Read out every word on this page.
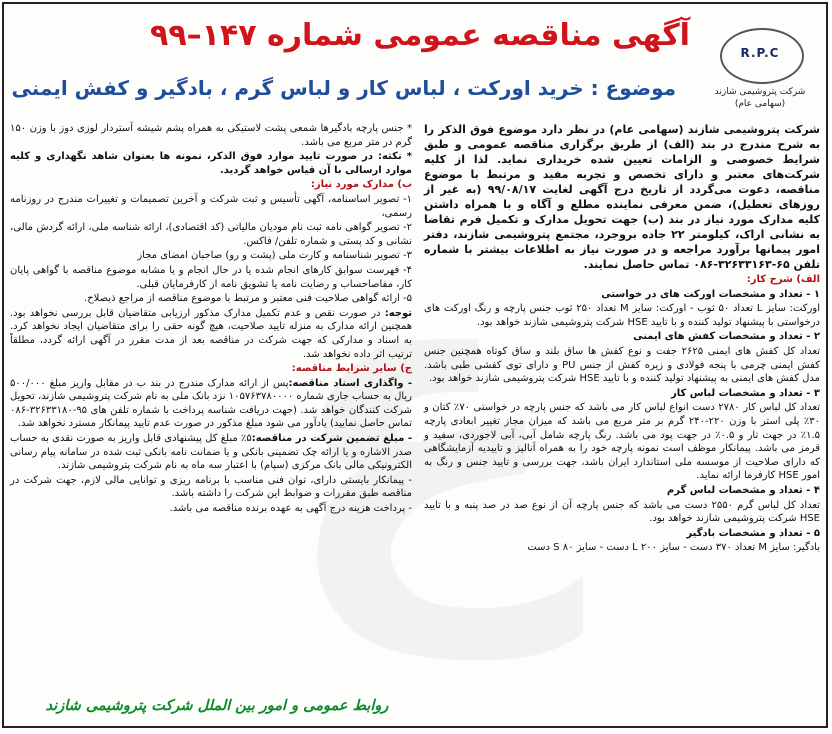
R.P.C
شرکت پتروشیمی شازند (سهامی عام)
آگهی مناقصه عمومی شماره ۱۴۷–۹۹
موضوع : خرید اورکت ، لباس کار و لباس گرم ، بادگیر و کفش ایمنی

شرکت پتروشیمی شازند (سهامی عام) در نظر دارد موضوع فوق الذکر را به شرح مندرج در بند (الف) از طریق برگزاری مناقصه عمومی و طبق شرایط خصوصی و الزامات تعیین شده خریداری نماید. لذا از کلیه شرکت‌های معتبر و دارای تخصص و تجربه مفید و مرتبط با موضوع مناقصه، دعوت می‌گردد از تاریخ درج آگهی لغایت ۹۹/۰۸/۱۷ (به غیر از روزهای تعطیل)، ضمن معرفی نماینده مطلع و آگاه و با همراه داشتن کلیه مدارک مورد نیاز در بند (ب) جهت تحویل مدارک و تکمیل فرم تقاضا به نشانی اراک، کیلومتر ۲۲ جاده بروجرد، مجتمع پتروشیمی شازند، دفتر امور پیمانها برآورد مراجعه و در صورت نیاز به اطلاعات بیشتر با شماره تلفن ۶۵-۳۲۶۳۳۱۶۳-۰۸۶ تماس حاصل نمایند.

الف) شرح کار:

۱ - تعداد و مشخصات اورکت های در خواستی

اورکت: سایز L تعداد ۵۰ ثوب - اورکت: سایز M تعداد ۲۵۰ ثوب جنس پارچه و رنگ اورکت های درخواستی با پیشنهاد تولید کننده و با تایید HSE شرکت پتروشیمی شازند خواهد بود.

۲ - تعداد و مشخصات کفش های ایمنی

تعداد کل کفش های ایمنی ۲۶۲۵ جفت و نوع کفش ها ساق بلند و ساق کوتاه همچنین جنس کفش ایمنی چرمی با پنجه فولادی و زیره کفش از جنس PU و دارای توی کفشی طبی باشد. مدل کفش های ایمنی به پیشنهاد تولید کننده و با تایید HSE شرکت پتروشیمی شازند خواهد بود.

۳ - تعداد و مشخصات لباس کار

تعداد کل لباس کار ۲۷۸۰ دست انواع لباس کار می باشد که جنس پارچه در خواستی ۷۰٪ کتان و ۳۰٪ پلی استر با وزن ۲۲۰-۲۴۰ گرم بر متر مربع می باشد که میزان مجاز تغییر ابعادی پارچه ۱.۵٪ در جهت تار و ۰.۵٪ در جهت پود می باشد. رنگ پارچه شامل آبی، آبی لاجوردی، سفید و قرمز می باشد. پیمانکار موظف است نمونه پارچه خود را به همراه آنالیز و تاییدیه آزمایشگاهی که دارای صلاحیت از موسسه ملی استاندارد ایران باشد، جهت بررسی و تایید جنس و رنگ به امور HSE کارفرما ارائه نماید.

۴ - تعداد و مشخصات لباس گرم

تعداد کل لباس گرم ۲۵۵۰ دست می باشد که جنس پارچه آن از نوع صد در صد پنبه و با تایید HSE شرکت پتروشیمی شازند خواهد بود.

۵ - تعداد و مشخصات بادگیر

بادگیر: سایز M تعداد ۳۷۰ دست - سایز L ۲۰۰ دست - سایز S ۸۰ دست

* جنس پارچه بادگیرها شمعی پشت لاستیکی به همراه پشم شیشه آستردار لوزی دوز با وزن ۱۵۰ گرم در متر مربع می باشد.

* نکته: در صورت تایید موارد فوق الذکر، نمونه ها بعنوان شاهد نگهداری و کلیه موارد ارسالی با آن قیاس خواهد گردید.

ب) مدارک مورد نیاز:

۱- تصویر اساسنامه، آگهی تأسیس و ثبت شرکت و آخرین تصمیمات و تغییرات مندرج در روزنامه رسمی،

۲- تصویر گواهی نامه ثبت نام مودیان مالیاتی (کد اقتصادی)، ارائه شناسه ملی، ارائه گردش مالی، نشانی و کد پستی و شماره تلفن/ فاکس.

۳- تصویر شناسنامه و کارت ملی (پشت و رو) صاحبان امضای مجاز

۴- فهرست سوابق کارهای انجام شده یا در حال انجام و یا مشابه موضوع مناقصه با گواهی پایان کار، مفاصاحساب و رضایت نامه یا تشویق نامه از کارفرمایان قبلی.

۵- ارائه گواهی صلاحیت فنی معتبر و مرتبط با موضوع مناقصه از مراجع ذیصلاح.

توجه: در صورت نقص و عدم تکمیل مدارک مذکور ارزیابی متقاضیان قابل بررسی نخواهد بود. همچنین ارائه مدارک به منزله تایید صلاحیت، هیچ گونه حقی را برای متقاضیان ایجاد نخواهد کرد. به اسناد و مدارکی که جهت شرکت در مناقصه بعد از مدت مقرر در آگهی ارائه گردد، مطلقاً ترتیب اثر داده نخواهد شد.

ج) سایر شرایط مناقصه:

- واگذاری اسناد مناقصه:پس از ارائه مدارک مندرج در بند ب در مقابل واریز مبلغ ۵۰۰/۰۰۰ ریال به حساب جاری شماره ۱۰۵۷۶۳۷۸۰۰۰۰ نزد بانک ملی به نام شرکت پتروشیمی شازند، تحویل شرکت کنندگان خواهد شد. (جهت دریافت شناسه پرداخت با شماره تلفن های ۹۵-۳۲۶۳۳۱۸۰-۰۸۶ تماس حاصل نمایید) یادآور می شود مبلغ مذکور در صورت عدم تایید پیمانکار مسترد نخواهد شد.

- مبلغ تضمین شرکت در مناقصه:۵٪ مبلغ کل پیشنهادی قابل واریز به صورت نقدی به حساب صدر الاشاره و یا ارائه چک تضمینی بانکی و یا ضمانت نامه بانکی ثبت شده در سامانه پیام رسانی الکترونیکی مالی بانک مرکزی (سپام) با اعتبار سه ماه به نام شرکت پتروشیمی شازند.

- پیمانکار بایستی دارای، توان فنی مناسب با برنامه ریزی و توانایی مالی لازم، جهت شرکت در مناقصه طبق مقررات و ضوابط این شرکت را داشته باشد.

- پرداخت هزینه درج آگهی به عهده برنده مناقصه می باشد.

روابط عمومی و امور بین الملل شرکت پتروشیمی شازند
